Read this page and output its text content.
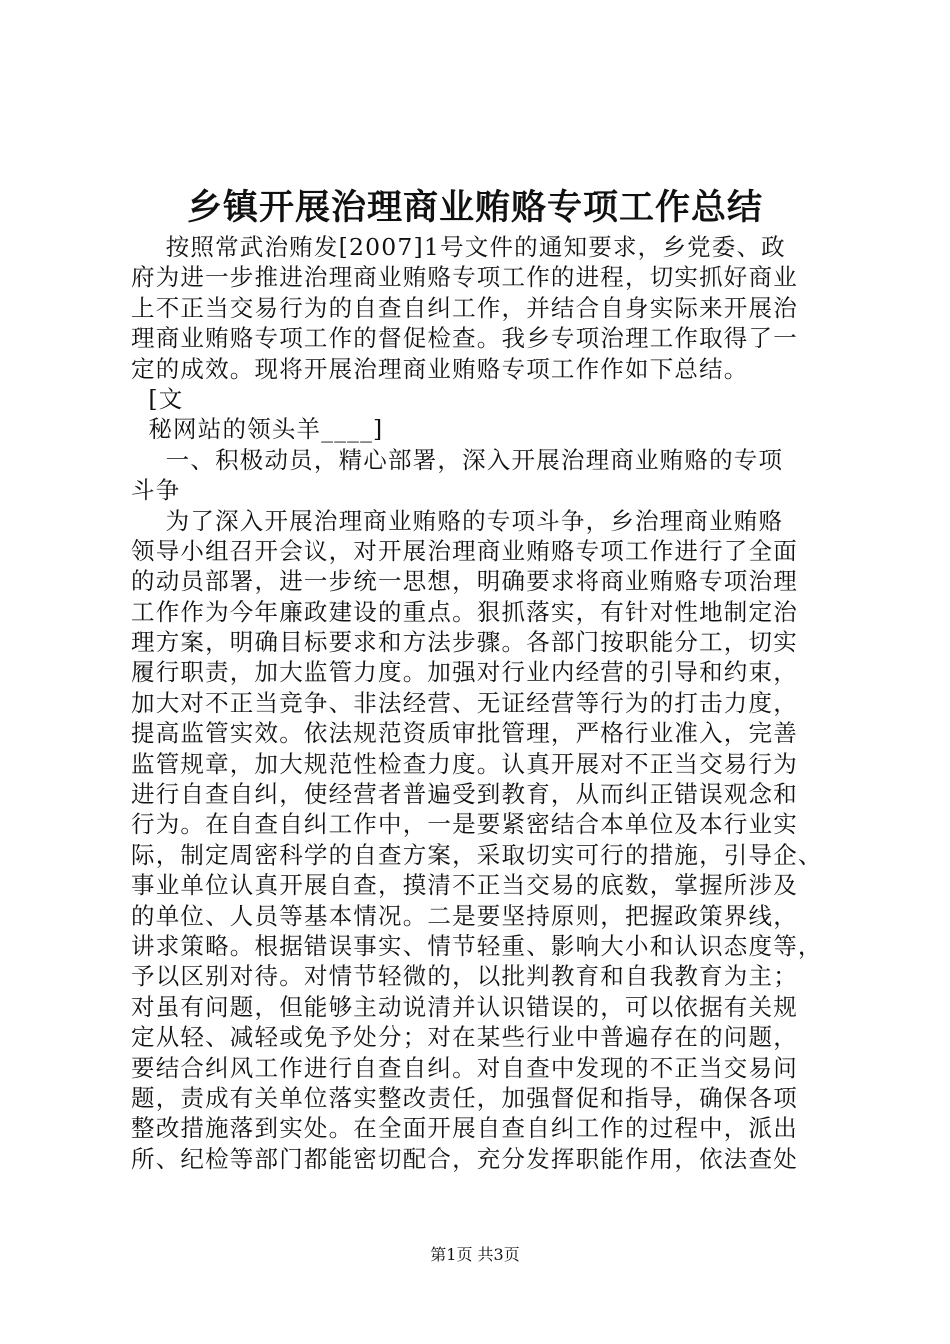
乡镇开展治理商业贿赂专项工作总结
按照常武治贿发[2007]1号文件的通知要求，乡党委、政
府为进一步推进治理商业贿赂专项工作的进程，切实抓好商业
上不正当交易行为的自查自纠工作，并结合自身实际来开展治
理商业贿赂专项工作的督促检查。我乡专项治理工作取得了一
定的成效。现将开展治理商业贿赂专项工作作如下总结。
[文
秘网站的领头羊____]
一、积极动员，精心部署，深入开展治理商业贿赂的专项
斗争
为了深入开展治理商业贿赂的专项斗争，乡治理商业贿赂
领导小组召开会议，对开展治理商业贿赂专项工作进行了全面
的动员部署，进一步统一思想，明确要求将商业贿赂专项治理
工作作为今年廉政建设的重点。狠抓落实，有针对性地制定治
理方案，明确目标要求和方法步骤。各部门按职能分工，切实
履行职责，加大监管力度。加强对行业内经营的引导和约束，
加大对不正当竞争、非法经营、无证经营等行为的打击力度，
提高监管实效。依法规范资质审批管理，严格行业准入，完善
监管规章，加大规范性检查力度。认真开展对不正当交易行为
进行自查自纠，使经营者普遍受到教育，从而纠正错误观念和
行为。在自查自纠工作中，一是要紧密结合本单位及本行业实
际，制定周密科学的自查方案，采取切实可行的措施，引导企、
事业单位认真开展自查，摸清不正当交易的底数，掌握所涉及
的单位、人员等基本情况。二是要坚持原则，把握政策界线，
讲求策略。根据错误事实、情节轻重、影响大小和认识态度等，
予以区别对待。对情节轻微的，以批判教育和自我教育为主；
对虽有问题，但能够主动说清并认识错误的，可以依据有关规
定从轻、减轻或免予处分；对在某些行业中普遍存在的问题，
要结合纠风工作进行自查自纠。对自查中发现的不正当交易问
题，责成有关单位落实整改责任，加强督促和指导，确保各项
整改措施落到实处。在全面开展自查自纠工作的过程中，派出
所、纪检等部门都能密切配合，充分发挥职能作用，依法查处
第1页 共3页
